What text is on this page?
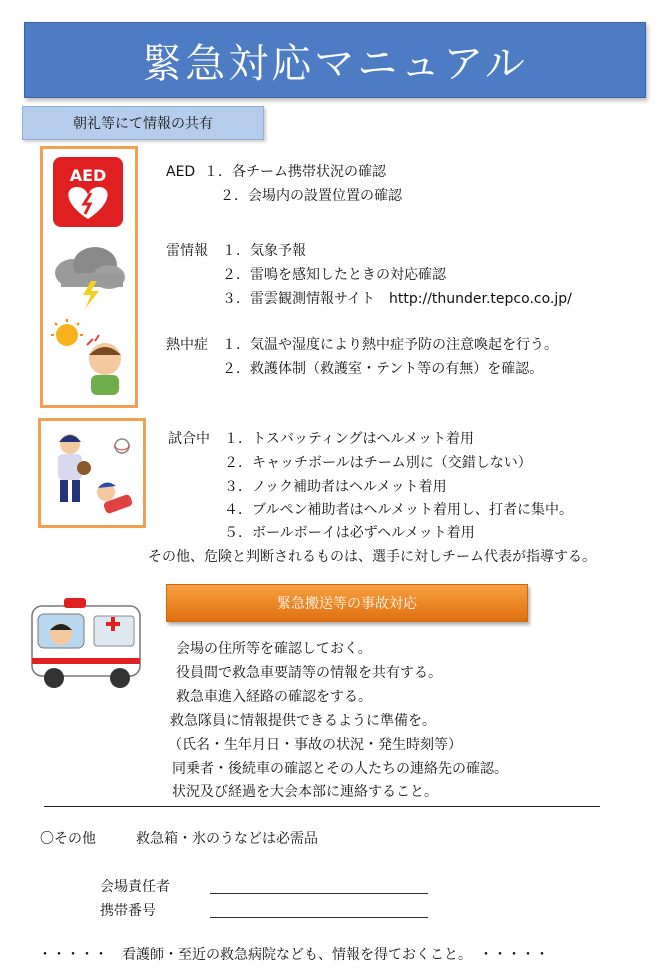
緊急対応マニュアル
朝礼等にて情報の共有
AED	AED １．各チーム携帯状況の確認
２．会場内の設置位置の確認
雷情報 １．気象予報
２．雷鳴を感知したときの対応確認
３．雷雲観測情報サイト　http://thunder.tepco.co.jp/
熱中症 １．気温や湿度により熱中症予防の注意喚起を行う。
２．救護体制（救護室・テント等の有無）を確認。
試合中 １．トスバッティングはヘルメット着用
２．キャッチボールはチーム別に（交錯しない）
３．ノック補助者はヘルメット着用
４．ブルペン補助者はヘルメット着用し、打者に集中。
５．ボールボーイは必ずヘルメット着用
その他、危険と判断されるものは、選手に対しチーム代表が指導する。
緊急搬送等の事故対応
会場の住所等を確認しておく。
役員間で救急車要請等の情報を共有する。
救急車進入経路の確認をする。
救急隊員に情報提供できるように準備を。
（氏名・生年月日・事故の状況・発生時刻等）
同乗者・後続車の確認とその人たちの連絡先の確認。
状況及び経過を大会本部に連絡すること。
〇その他	救急箱・氷のうなどは必需品
会場責任者
携帯番号
・・・・・　看護師・至近の救急病院なども、情報を得ておくこと。　・・・・・
